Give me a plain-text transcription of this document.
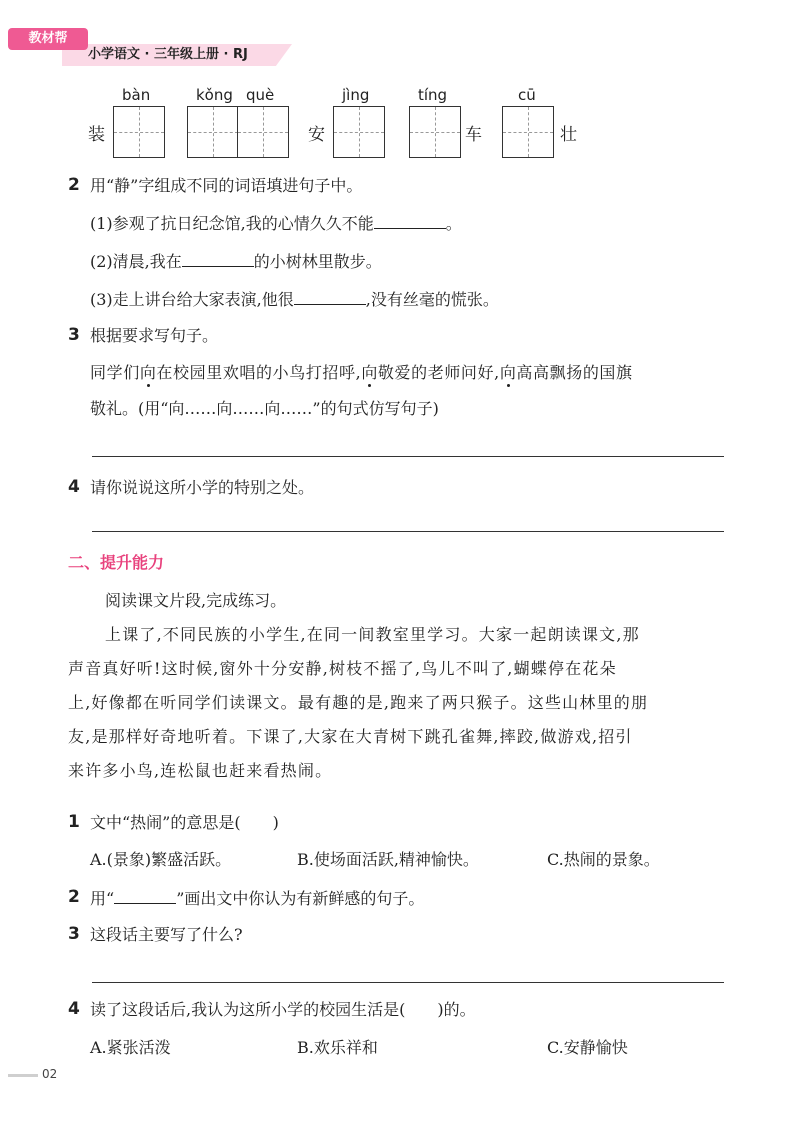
教材帮
小学语文 · 三年级上册 · RJ
装
bàn	kǒng què
安
jìng	tíng
车
cū
壮
2 用“静”字组成不同的词语填进句子中。
(1)参观了抗日纪念馆,我的心情久久不能	。
(2)清晨,我在	的小树林里散步。
(3)走上讲台给大家表演,他很	,没有丝毫的慌张。
3 根据要求写句子。
同学们向在校园里欢唱的小鸟打招呼,向敬爱的老师问好,向高高飘扬的国旗
敬礼。(用“向……向……向……”的句式仿写句子)
4 请你说说这所小学的特别之处。
二、提升能力
阅读课文片段,完成练习。
上课了,不同民族的小学生,在同一间教室里学习。大家一起朗读课文,那
声音真好听!这时候,窗外十分安静,树枝不摇了,鸟儿不叫了,蝴蝶停在花朵
上,好像都在听同学们读课文。最有趣的是,跑来了两只猴子。这些山林里的朋
友,是那样好奇地听着。下课了,大家在大青树下跳孔雀舞,摔跤,做游戏,招引
来许多小鸟,连松鼠也赶来看热闹。
1 文中“热闹”的意思是(　　)
A.(景象)繁盛活跃。	B.使场面活跃,精神愉快。	C.热闹的景象。
2 用“	”画出文中你认为有新鲜感的句子。
3 这段话主要写了什么?
4 读了这段话后,我认为这所小学的校园生活是(　　)的。
A.紧张活泼	B.欢乐祥和	C.安静愉快
02
